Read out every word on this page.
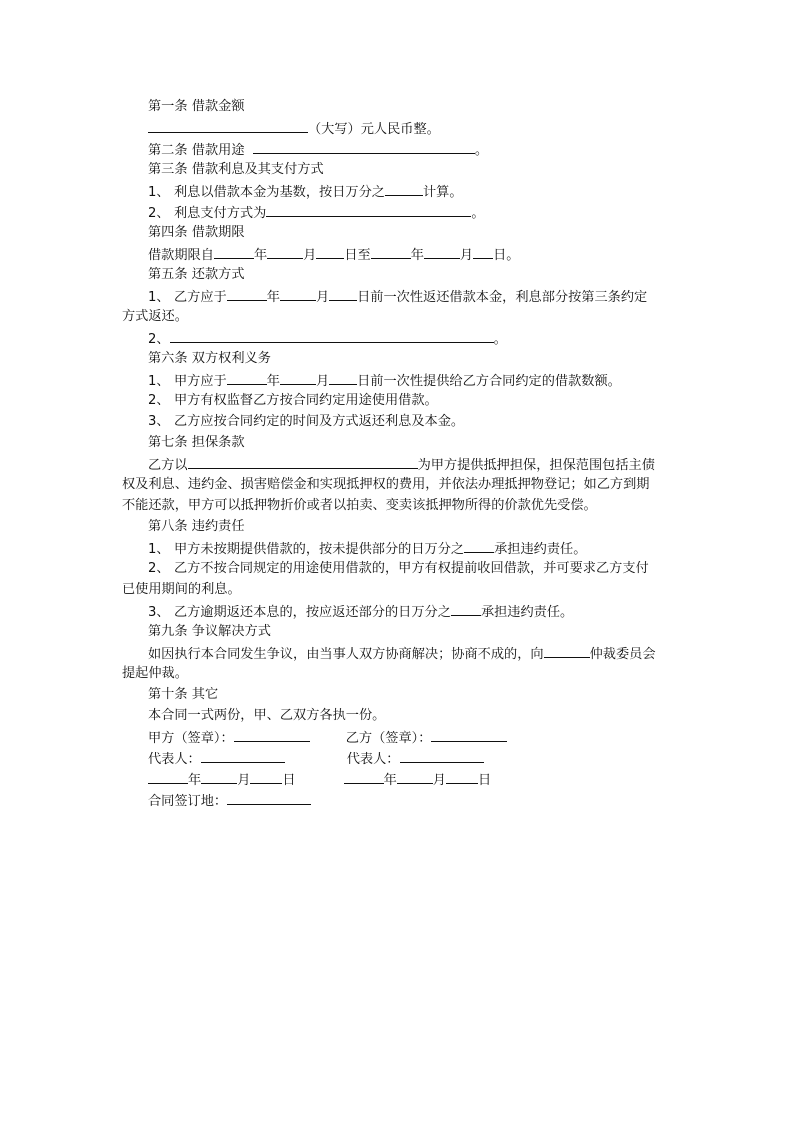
第一条 借款金额
（大写）元人民币整。
第二条 借款用途	。
第三条 借款利息及其支付方式
1、 利息以借款本金为基数，按日万分之	计算。
2、 利息支付方式为	。
第四条 借款期限
借款期限自	年	月 日至	年	月 日。
第五条 还款方式
1、 乙方应于	年	月 日前一次性返还借款本金，利息部分按第三条约定
方式返还。
2、	。
第六条 双方权利义务
1、 甲方应于	年	月 日前一次性提供给乙方合同约定的借款数额。
2、 甲方有权监督乙方按合同约定用途使用借款。
3、 乙方应按合同约定的时间及方式返还利息及本金。
第七条 担保条款
乙方以	为甲方提供抵押担保，担保范围包括主债
权及利息、违约金、损害赔偿金和实现抵押权的费用，并依法办理抵押物登记；如乙方到期
不能还款，甲方可以抵押物折价或者以拍卖、变卖该抵押物所得的价款优先受偿。
第八条 违约责任
1、 甲方未按期提供借款的，按未提供部分的日万分之 承担违约责任。
2、 乙方不按合同规定的用途使用借款的，甲方有权提前收回借款，并可要求乙方支付
已使用期间的利息。
3、 乙方逾期返还本息的，按应返还部分的日万分之 承担违约责任。
第九条 争议解决方式
如因执行本合同发生争议，由当事人双方协商解决；协商不成的，向	仲裁委员会
提起仲裁。
第十条 其它
本合同一式两份，甲、乙双方各执一份。
甲方（签章）：	乙方（签章）：
代表人：	代表人：
年	月 日	年	月 日
合同签订地：
